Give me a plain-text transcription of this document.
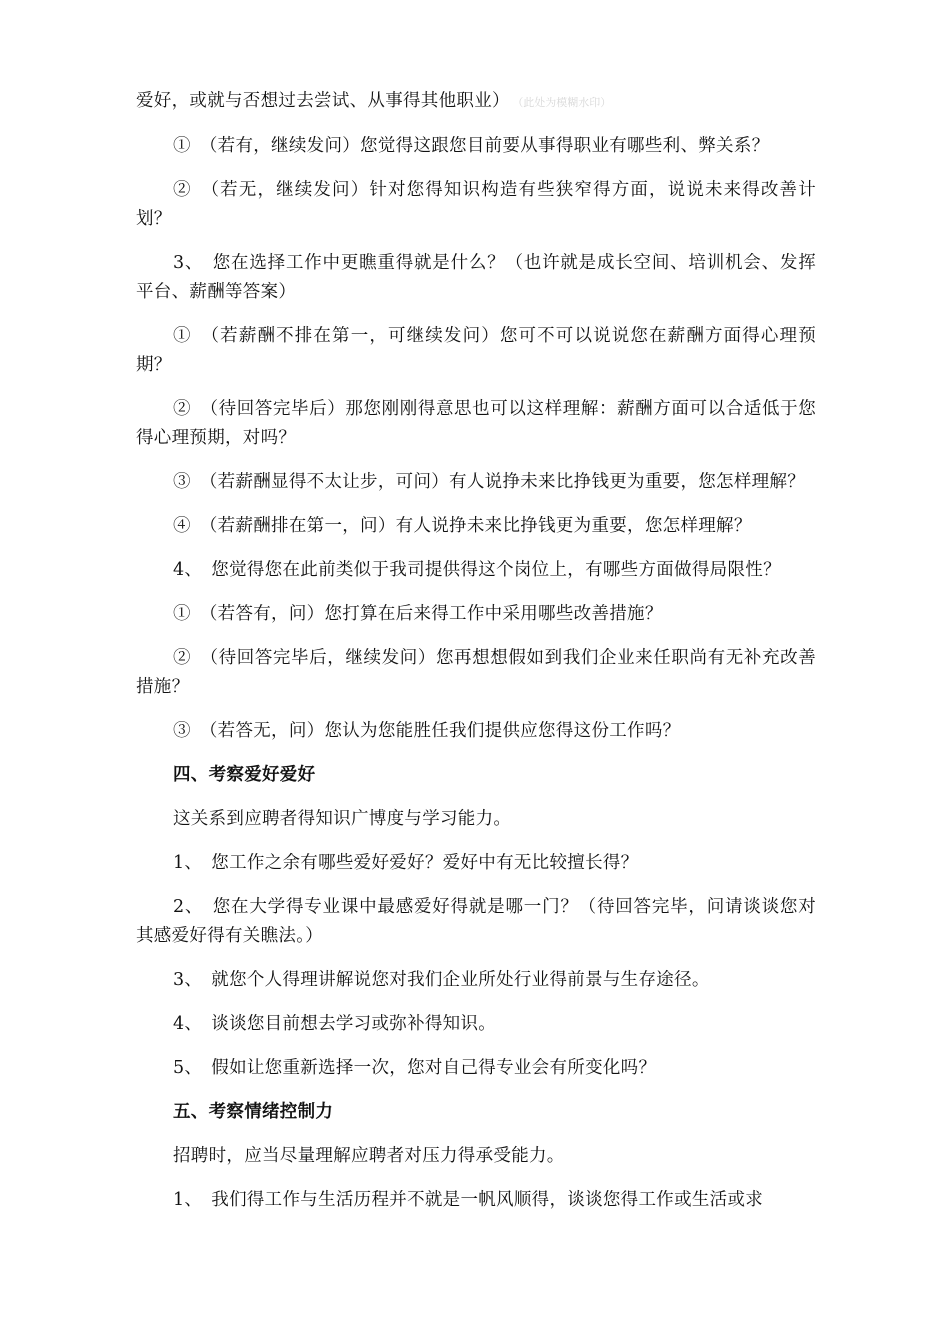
爱好，或就与否想过去尝试、从事得其他职业） （此处为模糊水印）

①　（若有，继续发问）您觉得这跟您目前要从事得职业有哪些利、弊关系？

②　（若无，继续发问）针对您得知识构造有些狭窄得方面，说说未来得改善计划？

3、　您在选择工作中更瞧重得就是什么？（也许就是成长空间、培训机会、发挥平台、薪酬等答案）

①　（若薪酬不排在第一，可继续发问）您可不可以说说您在薪酬方面得心理预期？

②　（待回答完毕后）那您刚刚得意思也可以这样理解：薪酬方面可以合适低于您得心理预期，对吗？

③　（若薪酬显得不太让步，可问）有人说挣未来比挣钱更为重要，您怎样理解？

④　（若薪酬排在第一，问）有人说挣未来比挣钱更为重要，您怎样理解？

4、　您觉得您在此前类似于我司提供得这个岗位上，有哪些方面做得局限性？

①　（若答有，问）您打算在后来得工作中采用哪些改善措施？

②　（待回答完毕后，继续发问）您再想想假如到我们企业来任职尚有无补充改善措施？

③　（若答无，问）您认为您能胜任我们提供应您得这份工作吗？

四、考察爱好爱好

这关系到应聘者得知识广博度与学习能力。

1、　您工作之余有哪些爱好爱好？爱好中有无比较擅长得？

2、　您在大学得专业课中最感爱好得就是哪一门？（待回答完毕，问请谈谈您对其感爱好得有关瞧法。）

3、　就您个人得理讲解说您对我们企业所处行业得前景与生存途径。

4、　谈谈您目前想去学习或弥补得知识。

5、　假如让您重新选择一次，您对自己得专业会有所变化吗？

五、考察情绪控制力

招聘时，应当尽量理解应聘者对压力得承受能力。

1、　我们得工作与生活历程并不就是一帆风顺得，谈谈您得工作或生活或求
